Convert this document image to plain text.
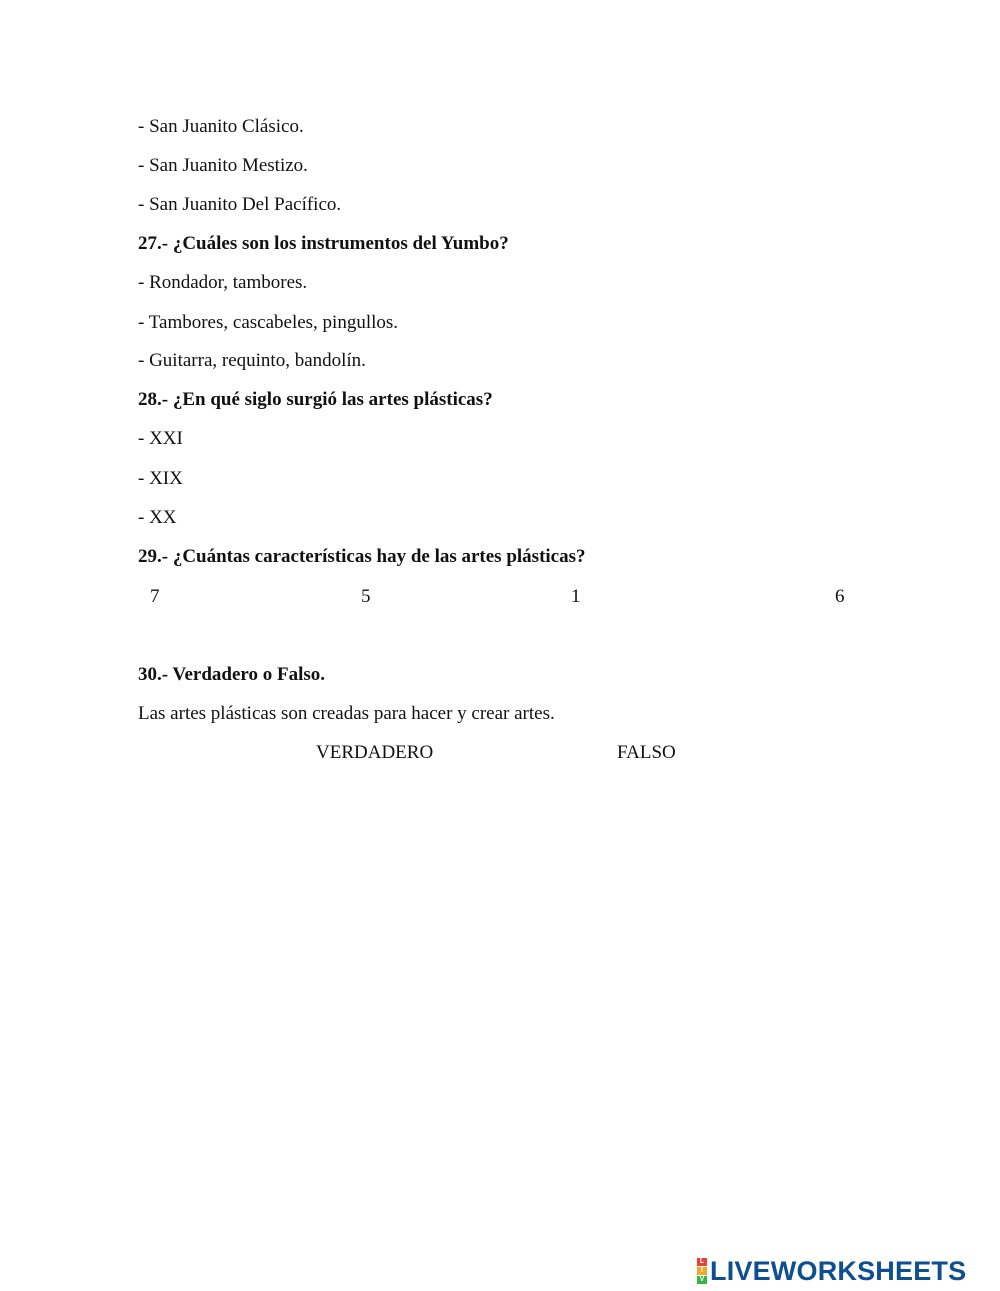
- San Juanito Clásico.
- San Juanito Mestizo.
- San Juanito Del Pacífico.
27.- ¿Cuáles son los instrumentos del Yumbo?
- Rondador, tambores.
- Tambores, cascabeles, pingullos.
- Guitarra, requinto, bandolín.
28.- ¿En qué siglo surgió las artes plásticas?
- XXI
- XIX
- XX
29.- ¿Cuántas características hay de las artes plásticas?
7	5	1	6
30.- Verdadero o Falso.
Las artes plásticas son creadas para hacer y crear artes.
VERDADERO	FALSO
L
I
V LIVEWORKSHEETS
